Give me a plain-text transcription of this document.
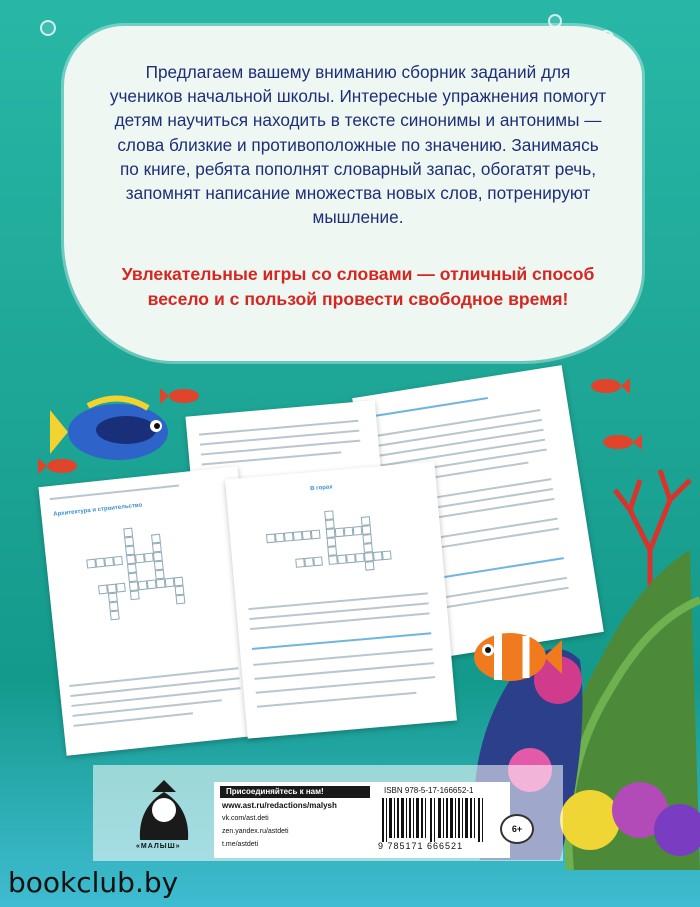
Предлагаем вашему вниманию сборник заданий для учеников начальной школы. Интересные упражнения помогут детям научиться находить в тексте синонимы и антонимы — слова близкие и противоположные по значению. Занимаясь по книге, ребята пополнят словарный запас, обогатят речь, запомнят написание множества новых слов, потренируют мышление.
Увлекательные игры со словами — отличный способ весело и с пользой провести свободное время!
Архитектура и строительство
В горах
«МАЛЫШ»
Присоединяйтесь к нам!
www.ast.ru/redactions/malysh
vk.com/ast.deti
zen.yandex.ru/astdeti
t.me/astdeti
ISBN 978-5-17-166652-1
9 785171 666521
6+
bookclub.by
